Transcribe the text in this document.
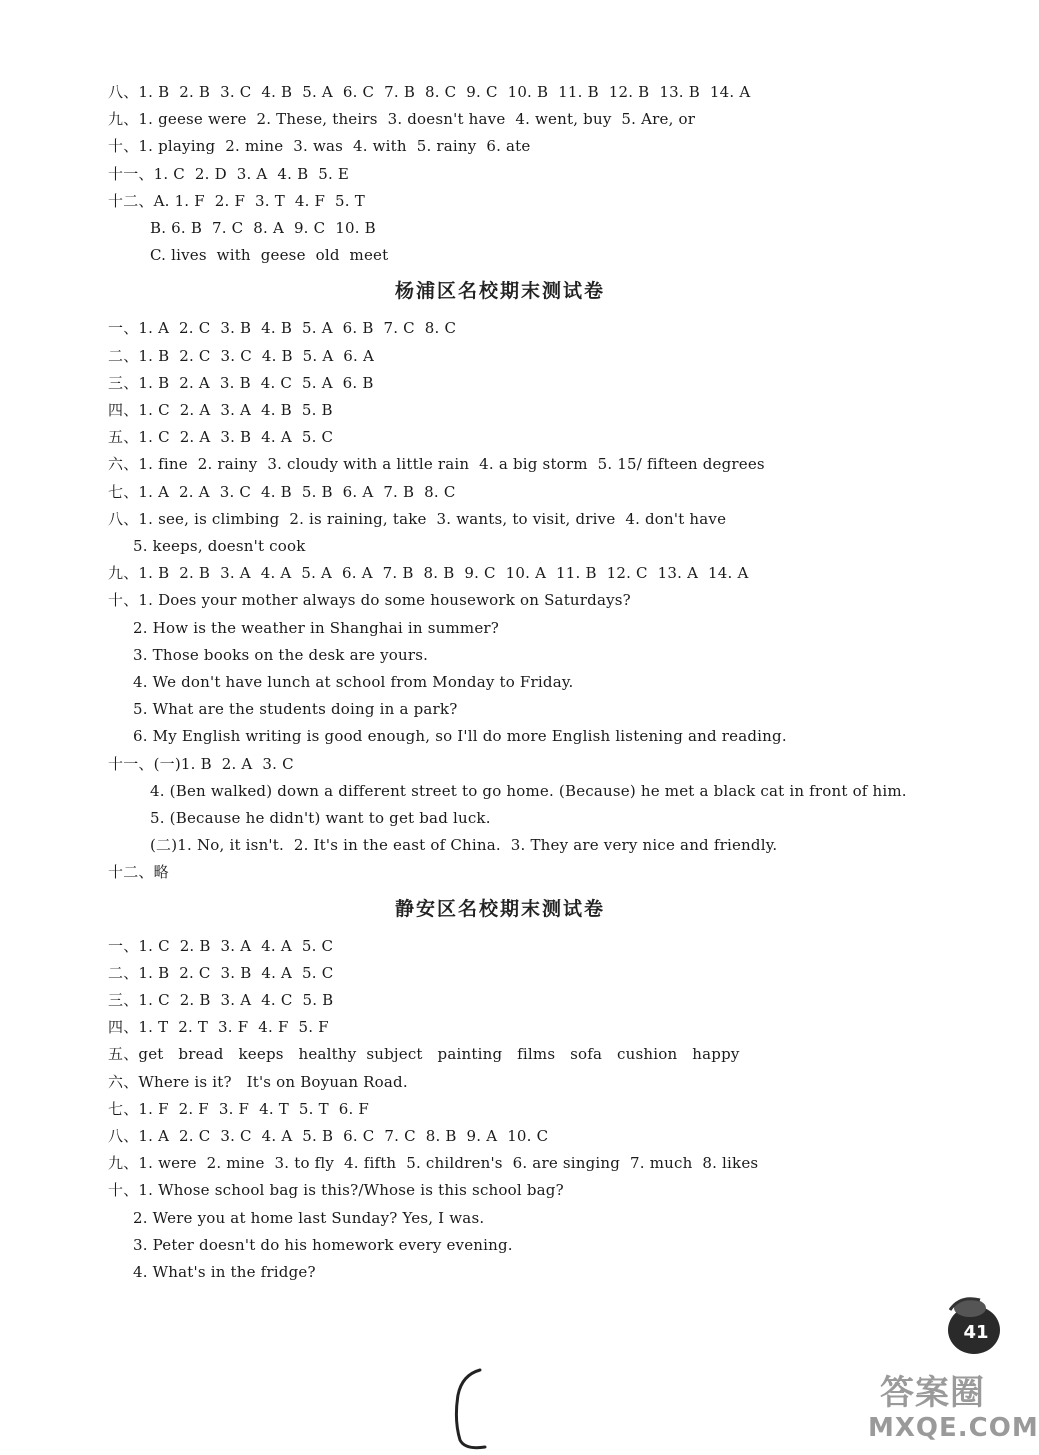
八、1. B  2. B  3. C  4. B  5. A  6. C  7. B  8. C  9. C  10. B  11. B  12. B  13. B  14. A
九、1. geese were  2. These, theirs  3. doesn't have  4. went, buy  5. Are, or
十、1. playing  2. mine  3. was  4. with  5. rainy  6. ate
十一、1. C  2. D  3. A  4. B  5. E
十二、A. 1. F  2. F  3. T  4. F  5. T
B. 6. B  7. C  8. A  9. C  10. B
C. lives  with  geese  old  meet
杨浦区名校期末测试卷
一、1. A  2. C  3. B  4. B  5. A  6. B  7. C  8. C
二、1. B  2. C  3. C  4. B  5. A  6. A
三、1. B  2. A  3. B  4. C  5. A  6. B
四、1. C  2. A  3. A  4. B  5. B
五、1. C  2. A  3. B  4. A  5. C
六、1. fine  2. rainy  3. cloudy with a little rain  4. a big storm  5. 15/ fifteen degrees
七、1. A  2. A  3. C  4. B  5. B  6. A  7. B  8. C
八、1. see, is climbing  2. is raining, take  3. wants, to visit, drive  4. don't have
5. keeps, doesn't cook
九、1. B  2. B  3. A  4. A  5. A  6. A  7. B  8. B  9. C  10. A  11. B  12. C  13. A  14. A
十、1. Does your mother always do some housework on Saturdays?
2. How is the weather in Shanghai in summer?
3. Those books on the desk are yours.
4. We don't have lunch at school from Monday to Friday.
5. What are the students doing in a park?
6. My English writing is good enough, so I'll do more English listening and reading.
十一、(一)1. B  2. A  3. C
4. (Ben walked) down a different street to go home. (Because) he met a black cat in front of him.
5. (Because he didn't) want to get bad luck.
(二)1. No, it isn't.  2. It's in the east of China.  3. They are very nice and friendly.
十二、略
静安区名校期末测试卷
一、1. C  2. B  3. A  4. A  5. C
二、1. B  2. C  3. B  4. A  5. C
三、1. C  2. B  3. A  4. C  5. B
四、1. T  2. T  3. F  4. F  5. F
五、get   bread   keeps   healthy  subject   painting   films   sofa   cushion   happy
六、Where is it?   It's on Boyuan Road.
七、1. F  2. F  3. F  4. T  5. T  6. F
八、1. A  2. C  3. C  4. A  5. B  6. C  7. C  8. B  9. A  10. C
九、1. were  2. mine  3. to fly  4. fifth  5. children's  6. are singing  7. much  8. likes
十、1. Whose school bag is this?/Whose is this school bag?
2. Were you at home last Sunday? Yes, I was.
3. Peter doesn't do his homework every evening.
4. What's in the fridge?
41
答案圈
MXQE.COM
